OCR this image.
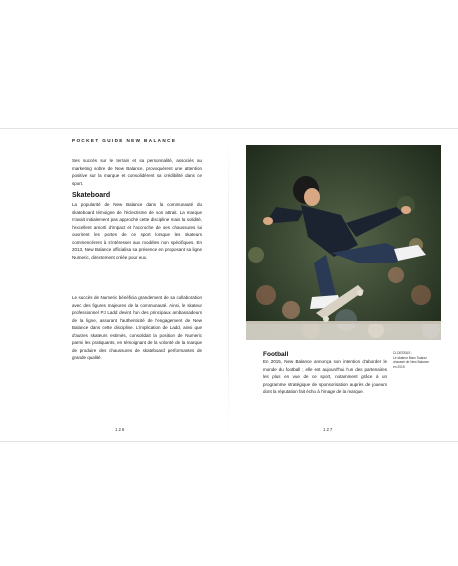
POCKET GUIDE NEW BALANCE

Ses succès sur le terrain et sa personnalité, associés au marketing sobre de New Balance, provoquèrent une attention positive sur la marque et consolidèrent sa crédibilité dans ce sport.

Skateboard

La popularité de New Balance dans la communauté du skateboard témoigne de l'éclectisme de son attrait. La marque n'avait initialement pas approché cette discipline mais la solidité, l'excellent amorti d'impact et l'accroche de ses chaussures lui ouvrirent les portes de ce sport lorsque les skateurs commencèrent à s'intéresser aux modèles non spécifiques. En 2013, New Balance officialisa sa présence en proposant sa ligne Numeric, directement créée pour eux.

Le succès de Numeric bénéficia grandement de sa collaboration avec des figures majeures de la communauté. Ainsi, le skateur professionnel PJ Ladd devint l'un des principaux ambassadeurs de la ligne, assurant l'authenticité de l'engagement de New Balance dans cette discipline. L'implication de Ladd, ainsi que d'autres skateurs estimés, consolidait la position de Numeric parmi les pratiquants, en témoignant de la volonté de la marque de produire des chaussures de skateboard performantes de grande qualité.

126	127
Football

En 2015, New Balance annonça son intention d'aborder le monde du football ; elle est aujourd'hui l'un des partenaires les plus en vue de ce sport, notamment grâce à un programme stratégique de sponsorisation auprès de joueurs dont la réputation fait écho à l'image de la marque.

CI-DESSUS :

Le skateur Marc Suárez chaussé de New Balance en 2019.
